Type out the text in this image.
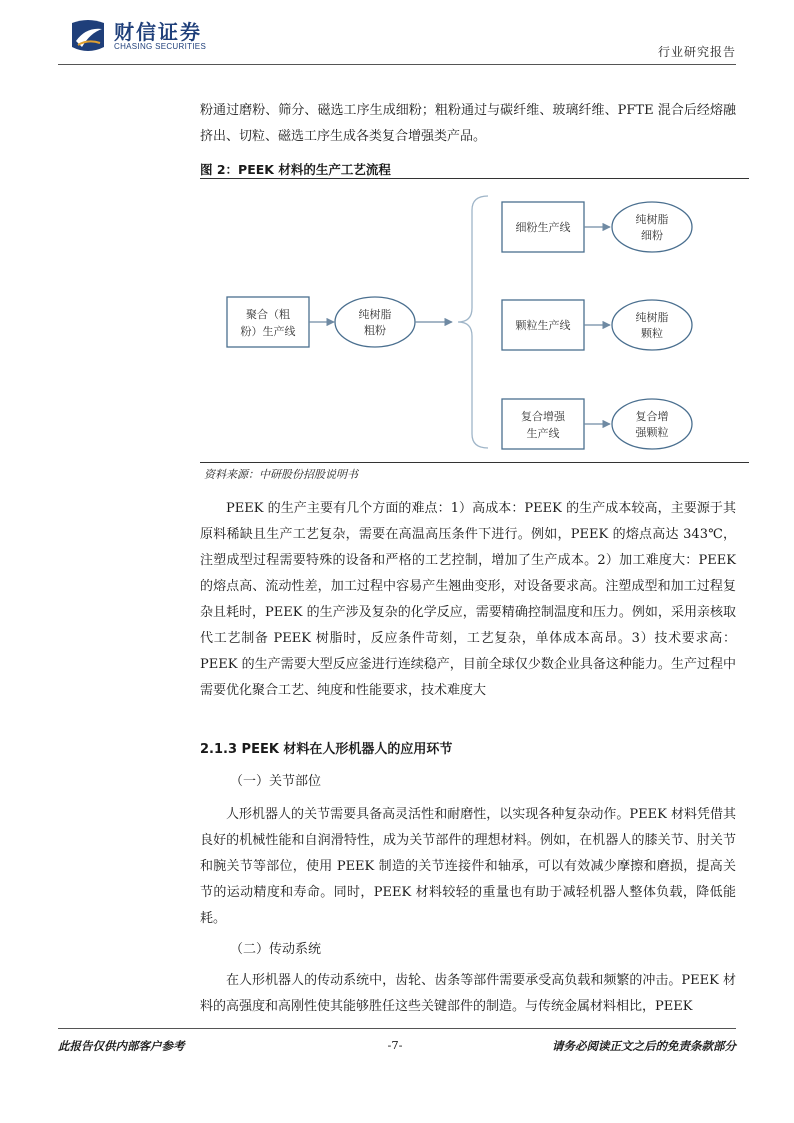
财信证券
CHASING SECURITIES	行业研究报告

粉通过磨粉、筛分、磁选工序生成细粉；粗粉通过与碳纤维、玻璃纤维、PFTE 混合后经熔融挤出、切粒、磁选工序生成各类复合增强类产品。

图 2：PEEK 材料的生产工艺流程
聚合（粗
粉）生产线
纯树脂
粗粉
细粉生产线
纯树脂
细粉
颗粒生产线
纯树脂
颗粒
复合增强
生产线
复合增
强颗粒
资料来源：中研股份招股说明书

PEEK 的生产主要有几个方面的难点：1）高成本：PEEK 的生产成本较高，主要源于其原料稀缺且生产工艺复杂，需要在高温高压条件下进行。例如，PEEK 的熔点高达 343℃，注塑成型过程需要特殊的设备和严格的工艺控制，增加了生产成本。2）加工难度大：PEEK 的熔点高、流动性差，加工过程中容易产生翘曲变形，对设备要求高。注塑成型和加工过程复杂且耗时，PEEK 的生产涉及复杂的化学反应，需要精确控制温度和压力。例如，采用亲核取代工艺制备 PEEK 树脂时，反应条件苛刻，工艺复杂，单体成本高昂。3）技术要求高：PEEK 的生产需要大型反应釜进行连续稳产，目前全球仅少数企业具备这种能力。生产过程中需要优化聚合工艺、纯度和性能要求，技术难度大

2.1.3 PEEK 材料在人形机器人的应用环节
（一）关节部位

人形机器人的关节需要具备高灵活性和耐磨性，以实现各种复杂动作。PEEK 材料凭借其良好的机械性能和自润滑特性，成为关节部件的理想材料。例如，在机器人的膝关节、肘关节和腕关节等部位，使用 PEEK 制造的关节连接件和轴承，可以有效减少摩擦和磨损，提高关节的运动精度和寿命。同时，PEEK 材料较轻的重量也有助于减轻机器人整体负载，降低能耗。

（二）传动系统

在人形机器人的传动系统中，齿轮、齿条等部件需要承受高负载和频繁的冲击。PEEK 材料的高强度和高刚性使其能够胜任这些关键部件的制造。与传统金属材料相比，PEEK

此报告仅供内部客户参考	-7-	请务必阅读正文之后的免责条款部分
